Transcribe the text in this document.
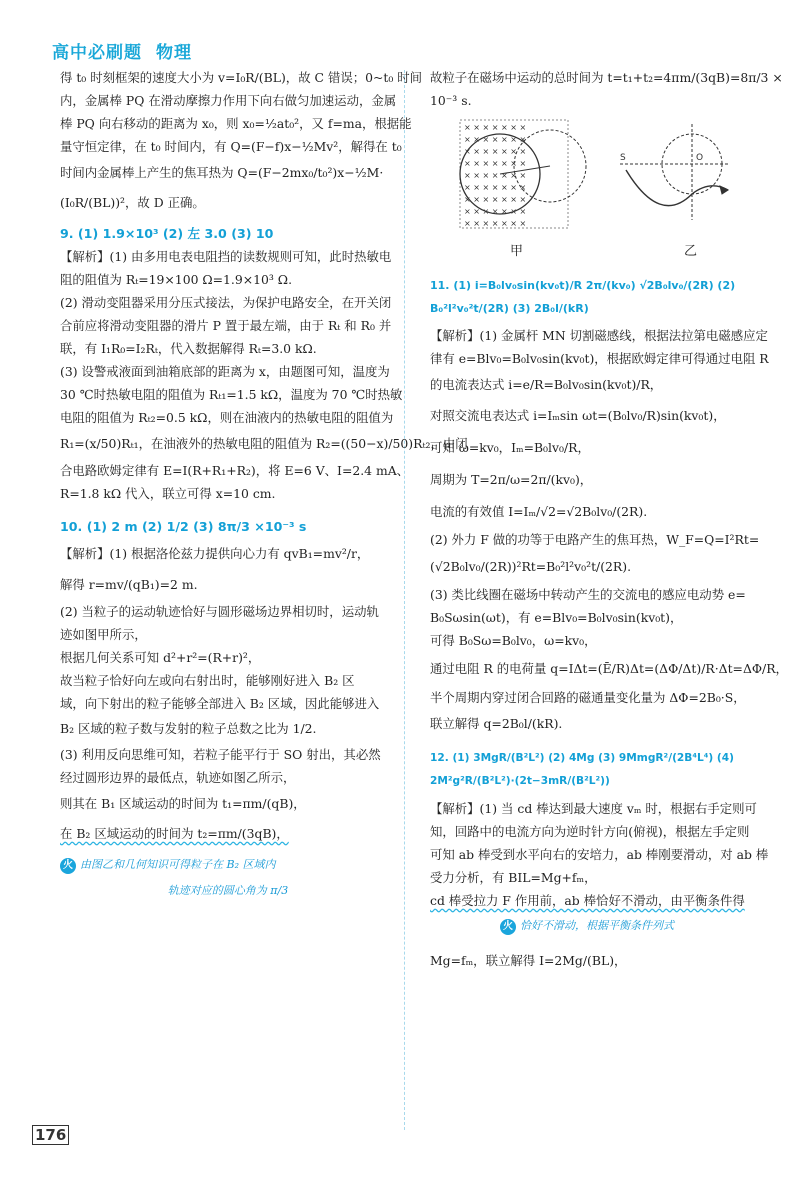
高中必刷题 物理
得 t₀ 时刻框架的速度大小为 v=I₀R/(BL)，故 C 错误；0~t₀ 时间
内，金属棒 PQ 在滑动摩擦力作用下向右做匀加速运动，金属
棒 PQ 向右移动的距离为 x₀，则 x₀=½at₀²，又 f=ma，根据能
量守恒定律，在 t₀ 时间内，有 Q=(F−f)x−½Mv²，解得在 t₀
时间内金属棒上产生的焦耳热为 Q=(F−2mx₀/t₀²)x−½M·
(I₀R/(BL))²，故 D 正确。
9. (1) 1.9×10³ (2) 左 3.0 (3) 10
【解析】(1) 由多用电表电阻挡的读数规则可知，此时热敏电
阻的阻值为 Rₜ=19×100 Ω=1.9×10³ Ω.
(2) 滑动变阻器采用分压式接法，为保护电路安全，在开关闭
合前应将滑动变阻器的滑片 P 置于最左端，由于 Rₜ 和 R₀ 并
联，有 I₁R₀=I₂Rₜ，代入数据解得 Rₜ=3.0 kΩ.
(3) 设警戒液面到油箱底部的距离为 x，由题图可知，温度为
30 ℃时热敏电阻的阻值为 Rₜ₁=1.5 kΩ，温度为 70 ℃时热敏
电阻的阻值为 Rₜ₂=0.5 kΩ，则在油液内的热敏电阻的阻值为
R₁=(x/50)Rₜ₁，在油液外的热敏电阻的阻值为 R₂=((50−x)/50)Rₜ₂，由闭
合电路欧姆定律有 E=I(R+R₁+R₂)，将 E=6 V、I=2.4 mA、
R=1.8 kΩ 代入，联立可得 x=10 cm.
10. (1) 2 m (2) 1/2 (3) 8π/3 ×10⁻³ s
【解析】(1) 根据洛伦兹力提供向心力有 qvB₁=mv²/r，
解得 r=mv/(qB₁)=2 m.
(2) 当粒子的运动轨迹恰好与圆形磁场边界相切时，运动轨
迹如图甲所示，
根据几何关系可知 d²+r²=(R+r)²，
故当粒子恰好向左或向右射出时，能够刚好进入 B₂ 区
域，向下射出的粒子能够全部进入 B₂ 区域，因此能够进入
B₂ 区域的粒子数与发射的粒子总数之比为 1/2.
(3) 利用反向思维可知，若粒子能平行于 SO 射出，其必然
经过圆形边界的最低点，轨迹如图乙所示，
则其在 B₁ 区域运动的时间为 t₁=πm/(qB)，
在 B₂ 区域运动的时间为 t₂=πm/(3qB)，
火 由图乙和几何知识可得粒子在 B₂ 区域内
轨迹对应的圆心角为 π/3
故粒子在磁场中运动的总时间为 t=t₁+t₂=4πm/(3qB)=8π/3 ×
10⁻³ s.
× × × × × × ×
× × × × × × ×
× × × × × × ×
× × × × × × ×
× × × × × × ×
× × × × × × ×
× × × × × × ×
× × × × × × ×
× × × × × × ×
S	O
甲	乙
11. (1) i=B₀lv₀sin(kv₀t)/R 2π/(kv₀) √2B₀lv₀/(2R) (2) B₀²l²v₀²t/(2R) (3) 2B₀l/(kR)
【解析】(1) 金属杆 MN 切割磁感线，根据法拉第电磁感应定
律有 e=Blv₀=B₀lv₀sin(kv₀t)，根据欧姆定律可得通过电阻 R
的电流表达式 i=e/R=B₀lv₀sin(kv₀t)/R，
对照交流电表达式 i=Iₘsin ωt=(B₀lv₀/R)sin(kv₀t)，
可知 ω=kv₀，Iₘ=B₀lv₀/R，
周期为 T=2π/ω=2π/(kv₀)，
电流的有效值 I=Iₘ/√2=√2B₀lv₀/(2R).
(2) 外力 F 做的功等于电路产生的焦耳热，W_F=Q=I²Rt=
(√2B₀lv₀/(2R))²Rt=B₀²l²v₀²t/(2R).
(3) 类比线圈在磁场中转动产生的交流电的感应电动势 e=
B₀Sωsin(ωt)，有 e=Blv₀=B₀lv₀sin(kv₀t)，
可得 B₀Sω=B₀lv₀，ω=kv₀，
通过电阻 R 的电荷量 q=IΔt=(Ē/R)Δt=(ΔΦ/Δt)/R·Δt=ΔΦ/R，
半个周期内穿过闭合回路的磁通量变化量为 ΔΦ=2B₀·S，
联立解得 q=2B₀l/(kR).
12. (1) 3MgR/(B²L²) (2) 4Mg (3) 9MmgR²/(2B⁴L⁴) (4) 2M²g²R/(B²L²)·(2t−3mR/(B²L²))
【解析】(1) 当 cd 棒达到最大速度 vₘ 时，根据右手定则可
知，回路中的电流方向为逆时针方向(俯视)，根据左手定则
可知 ab 棒受到水平向右的安培力，ab 棒刚要滑动，对 ab 棒
受力分析，有 BIL=Mg+fₘ，
cd 棒受拉力 F 作用前，ab 棒恰好不滑动，由平衡条件得
火 恰好不滑动，根据平衡条件列式
Mg=fₘ，联立解得 I=2Mg/(BL)，
176
